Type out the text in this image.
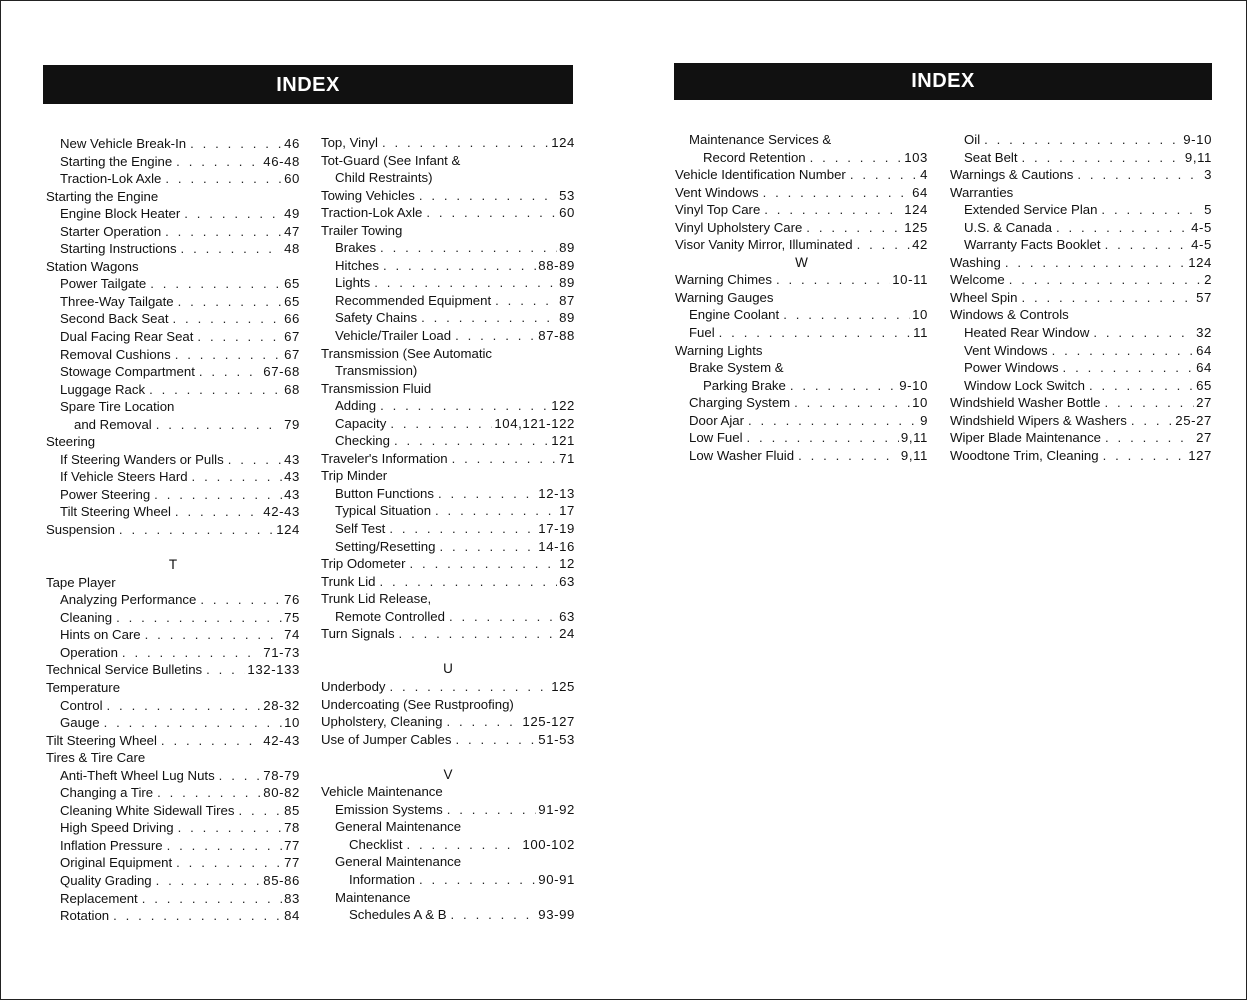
INDEX	INDEX
New Vehicle Break-In . . .	46
Starting the Engine . . .	46-48
Traction-Lok Axle . . .	60
Starting the Engine
Engine Block Heater . . .	49
Starter Operation . . .	47
Starting Instructions . . .	48
Station Wagons
Power Tailgate . . .	65
Three-Way Tailgate . . .	65
Second Back Seat . . .	66
Dual Facing Rear Seat . . .	67
Removal Cushions . . .	67
Stowage Compartment . . .	67-68
Luggage Rack . . .	68
Spare Tire Location
and Removal . . .	79
Steering
If Steering Wanders or Pulls . . .	43
If Vehicle Steers Hard . . .	43
Power Steering . . .	43
Tilt Steering Wheel . . .	42-43
Suspension . . .	124
T
Tape Player
Analyzing Performance . . .	76
Cleaning . . .	75
Hints on Care . . .	74
Operation . . .	71-73
Technical Service Bulletins . . .	132-133
Temperature
Control . . .	28-32
Gauge . . .	10
Tilt Steering Wheel . . .	42-43
Tires & Tire Care
Anti-Theft Wheel Lug Nuts . . .	78-79
Changing a Tire . . .	80-82
Cleaning White Sidewall Tires . . .	85
High Speed Driving . . .	78
Inflation Pressure . . .	77
Original Equipment . . .	77
Quality Grading . . .	85-86
Replacement . . .	83
Rotation . . .	84
Top, Vinyl . . .	124
Tot-Guard (See Infant &
Child Restraints)
Towing Vehicles . . .	53
Traction-Lok Axle . . .	60
Trailer Towing
Brakes . . .	89
Hitches . . .	88-89
Lights . . .	89
Recommended Equipment . . .	87
Safety Chains . . .	89
Vehicle/Trailer Load . . .	87-88
Transmission (See Automatic
Transmission)
Transmission Fluid
Adding . . .	122
Capacity . . .	104,121-122
Checking . . .	121
Traveler's Information . . .	71
Trip Minder
Button Functions . . .	12-13
Typical Situation . . .	17
Self Test . . .	17-19
Setting/Resetting . . .	14-16
Trip Odometer . . .	12
Trunk Lid . . .	63
Trunk Lid Release,
Remote Controlled . . .	63
Turn Signals . . .	24
U
Underbody . . .	125
Undercoating (See Rustproofing)
Upholstery, Cleaning . . .	125-127
Use of Jumper Cables . . .	51-53
V
Vehicle Maintenance
Emission Systems . . .	91-92
General Maintenance
Checklist . . .	100-102
General Maintenance
Information . . .	90-91
Maintenance
Schedules A & B . . .	93-99
Maintenance Services &
Record Retention . . .	103
Vehicle Identification Number . . .	4
Vent Windows . . .	64
Vinyl Top Care . . .	124
Vinyl Upholstery Care . . .	125
Visor Vanity Mirror, Illuminated . . .	42
W
Warning Chimes . . .	10-11
Warning Gauges
Engine Coolant . . .	10
Fuel . . .	11
Warning Lights
Brake System &
Parking Brake . . .	9-10
Charging System . . .	10
Door Ajar . . .	9
Low Fuel . . .	9,11
Low Washer Fluid . . .	9,11
Oil . . .	9-10
Seat Belt . . .	9,11
Warnings & Cautions . . .	3
Warranties
Extended Service Plan . . .	5
U.S. & Canada . . .	4-5
Warranty Facts Booklet . . .	4-5
Washing . . .	124
Welcome . . .	2
Wheel Spin . . .	57
Windows & Controls
Heated Rear Window . . .	32
Vent Windows . . .	64
Power Windows . . .	64
Window Lock Switch . . .	65
Windshield Washer Bottle . . .	27
Windshield Wipers & Washers . . .	25-27
Wiper Blade Maintenance . . .	27
Woodtone Trim, Cleaning . . .	127
